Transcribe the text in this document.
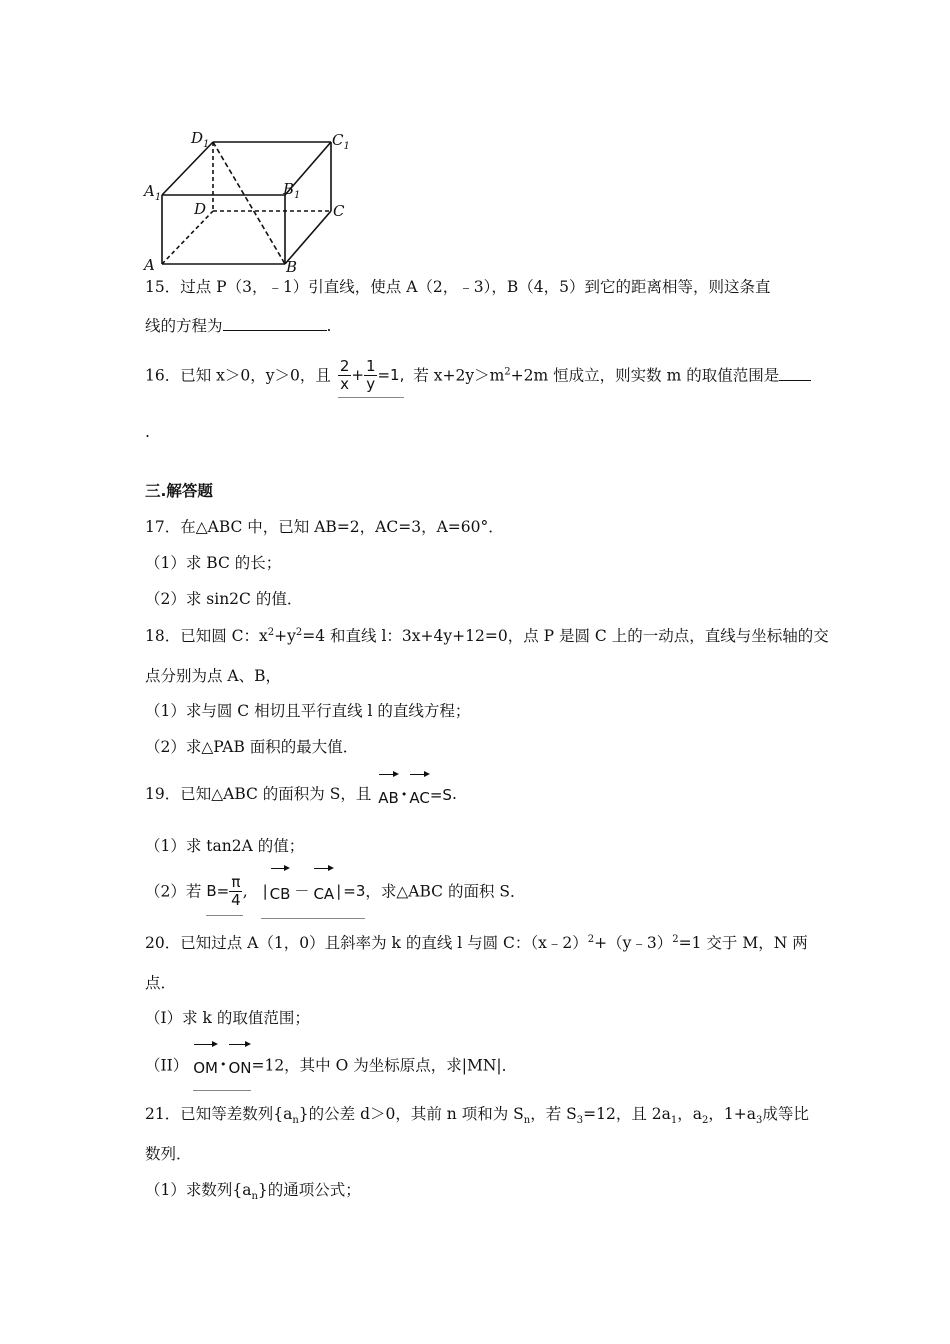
$D_1$	$C_1$
$A_1$	$B_1$
D	C
A	B
15．过点 P（3，﹣1）引直线，使点 A（2，﹣3），B（4，5）到它的距离相等，则这条直
线的方程为	.
16．已知 x＞0，y＞0，且 $\frac{2}{x} + \frac{1}{y} =1$, 若 $x+2y>m^2+2m$ 恒成立，则实数 m 的取值范围是
.
三.解答题
17．在△ABC 中，已知 AB=2，AC=3，A=60°．
（1）求 BC 的长；
（2）求 sin2C 的值．
18．已知圆 C：$x^2+y^2=4$ 和直线 l：3x+4y+12=0，点 P 是圆 C 上的一动点，直线与坐标轴的交
点分别为点 A、B，
（1）求与圆 C 相切且平行直线 l 的直线方程；
（2）求△PAB 面积的最大值．
19．已知△ABC 的面积为 S，且 AB • AC =S .
（1）求 tan2A 的值；
（2）若 $B= \frac{\pi}{4}$ , | CB － CA | =3 ，求△ABC 的面积 S．
20．已知过点 A（1，0）且斜率为 k 的直线 l 与圆 C：（x﹣2）$^2$+（y﹣3）$^2$=1 交于 M，N 两
点．
（I）求 k 的取值范围；
（II） OM • ON =12，其中 O 为坐标原点，求|MN|．
21．已知等差数列$\{a_n\}$的公差 d＞0，其前 n 项和为 $S_n$，若 $S_3=12$，且 $2a_1$，$a_2$，$1+a_3$成等比
数列．
（1）求数列$\{a_n\}$的通项公式；
